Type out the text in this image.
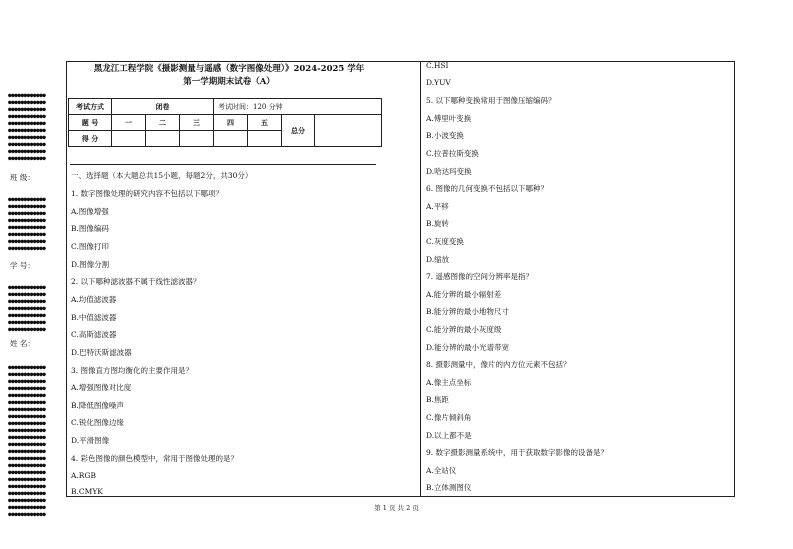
●●●●●●●●●●●●
●●●●●●●●●●●●
●●●●●●●●●●●●
●●●●●●●●●●●●
●●●●●●●●●●●●
●●●●●●●●●●●●
●●●●●●●●●●●●
●●●●●●●●●●●●
●●●●●●●●●●●●
●●●●●●●●●●●●
班 级：
●●●●●●●●●●●●
●●●●●●●●●●●●
●●●●●●●●●●●●
●●●●●●●●●●●●
●●●●●●●●●●●●
●●●●●●●●●●●●
●●●●●●●●●●●●
●●●●●●●●●●●●
学 号：
●●●●●●●●●●●●
●●●●●●●●●●●●
●●●●●●●●●●●●
●●●●●●●●●●●●
●●●●●●●●●●●●
●●●●●●●●●●●●
●●●●●●●●●●●●
姓 名：
●●●●●●●●●●●●
●●●●●●●●●●●●
●●●●●●●●●●●●
●●●●●●●●●●●●
●●●●●●●●●●●●
●●●●●●●●●●●●
●●●●●●●●●●●●
●●●●●●●●●●●●
●●●●●●●●●●●●
●●●●●●●●●●●●
●●●●●●●●●●●●
●●●●●●●●●●●●
●●●●●●●●●●●●
●●●●●●●●●●●●
●●●●●●●●●●●●
●●●●●●●●●●●●
●●●●●●●●●●●●
●●●●●●●●●●●●
●●●●●●●●●●●●
●●●●●●●●●●●●
●●●●●●●●●●●●
●●●●●●●●●●●●
黑龙江工程学院《摄影测量与遥感（数字图像处理）》2024-2025 学年
第一学期期末试卷（A）
考试方式	闭卷			考试时间：120 分钟			
题 号	一	二	三	四	五	总分	
得 分							
一、选择题（本大题总共15小题，每题2分，共30分）
1. 数字图像处理的研究内容不包括以下哪项？
A.图像增强
B.图像编码
C.图像打印
D.图像分割
2. 以下哪种滤波器不属于线性滤波器？
A.均值滤波器
B.中值滤波器
C.高斯滤波器
D.巴特沃斯滤波器
3. 图像直方图均衡化的主要作用是？
A.增强图像对比度
B.降低图像噪声
C.锐化图像边缘
D.平滑图像
4. 彩色图像的颜色模型中，常用于图像处理的是？
A.RGB
B.CMYK
C.HSI
D.YUV
5. 以下哪种变换常用于图像压缩编码？
A.傅里叶变换
B.小波变换
C.拉普拉斯变换
D.哈达玛变换
6. 图像的几何变换不包括以下哪种？
A.平移
B.旋转
C.灰度变换
D.缩放
7. 遥感图像的空间分辨率是指？
A.能分辨的最小辐射差
B.能分辨的最小地物尺寸
C.能分辨的最小灰度级
D.能分辨的最小光谱带宽
8. 摄影测量中，像片的内方位元素不包括？
A.像主点坐标
B.焦距
C.像片倾斜角
D.以上都不是
9. 数字摄影测量系统中，用于获取数字影像的设备是？
A.全站仪
B.立体测图仪
第 1 页 共 2 页
